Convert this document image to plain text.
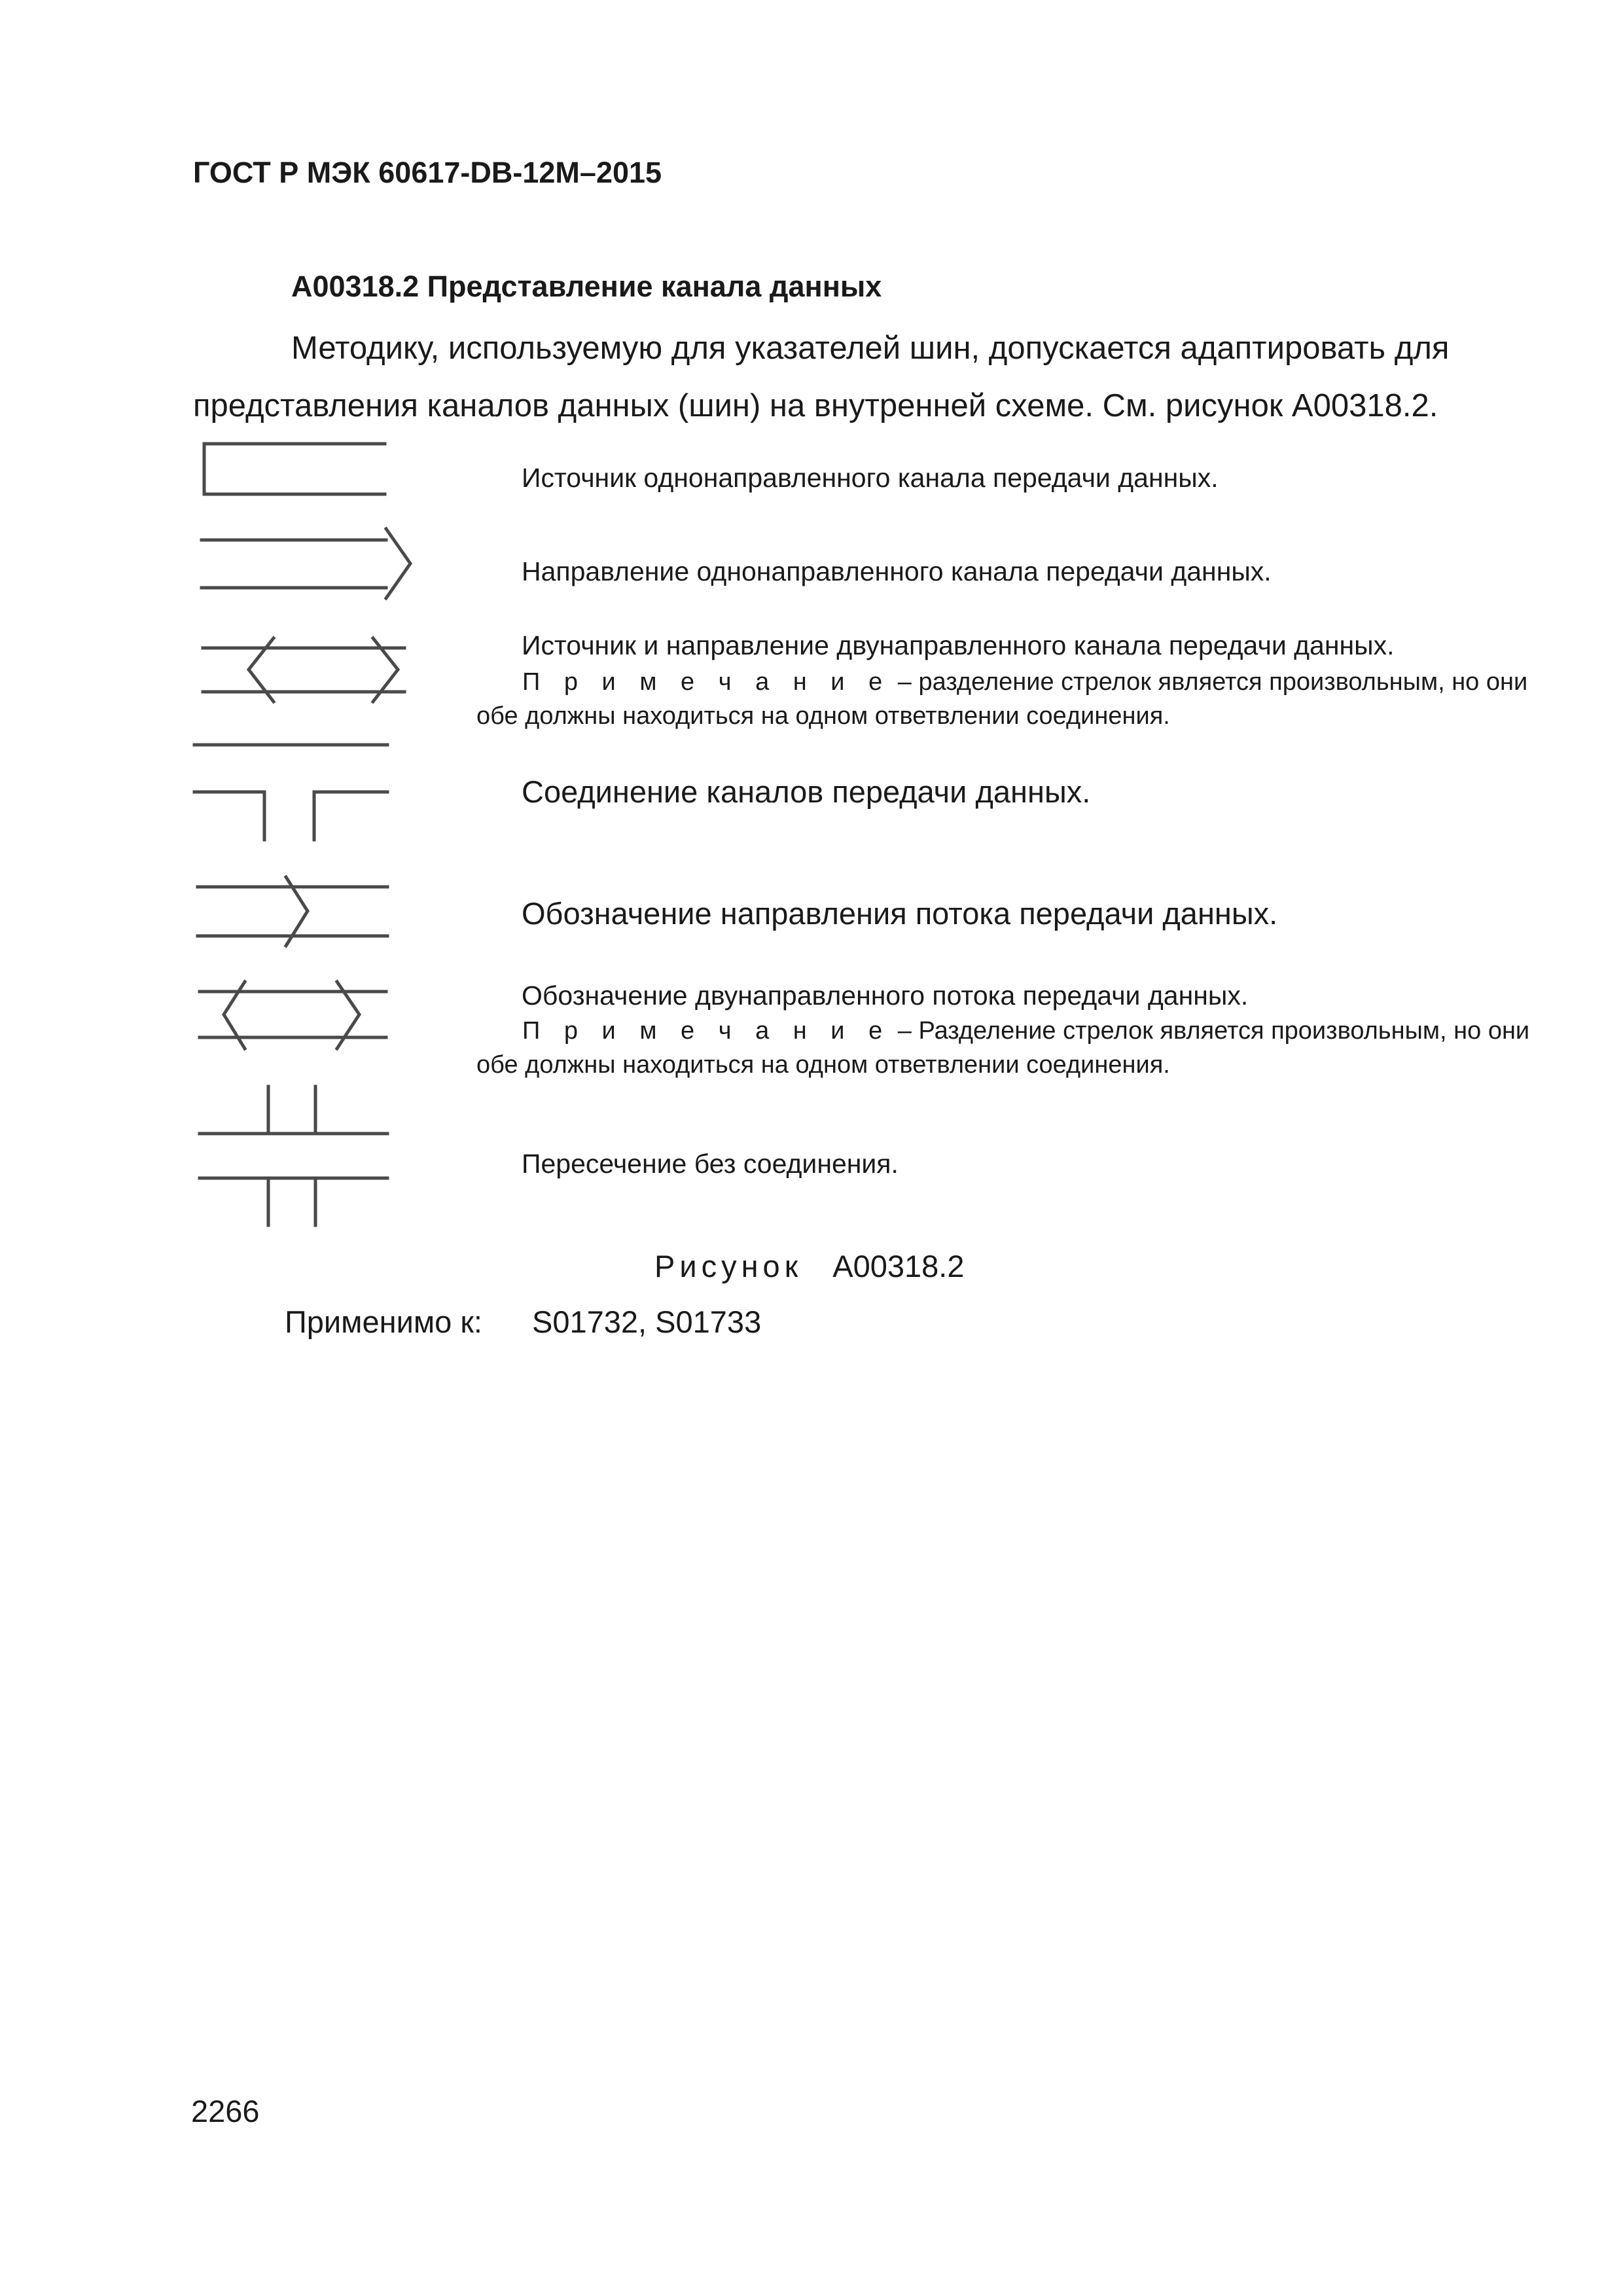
ГОСТ Р МЭК 60617-DB-12M–2015
A00318.2 Представление канала данных
Методику, используемую для указателей шин, допускается адаптировать для
представления каналов данных (шин) на внутренней схеме. См. рисунок A00318.2.
Источник однонаправленного канала передачи данных.
Направление однонаправленного канала передачи данных.
Источник и направление двунаправленного канала передачи данных.
П р и м е ч а н и е – разделение стрелок является произвольным, но они
обе должны находиться на одном ответвлении соединения.
Соединение каналов передачи данных.
Обозначение направления потока передачи данных.
Обозначение двунаправленного потока передачи данных.
П р и м е ч а н и е – Разделение стрелок является произвольным, но они
обе должны находиться на одном ответвлении соединения.
Пересечение без соединения.
Рисунок A00318.2
Применимо к: S01732, S01733
2266
